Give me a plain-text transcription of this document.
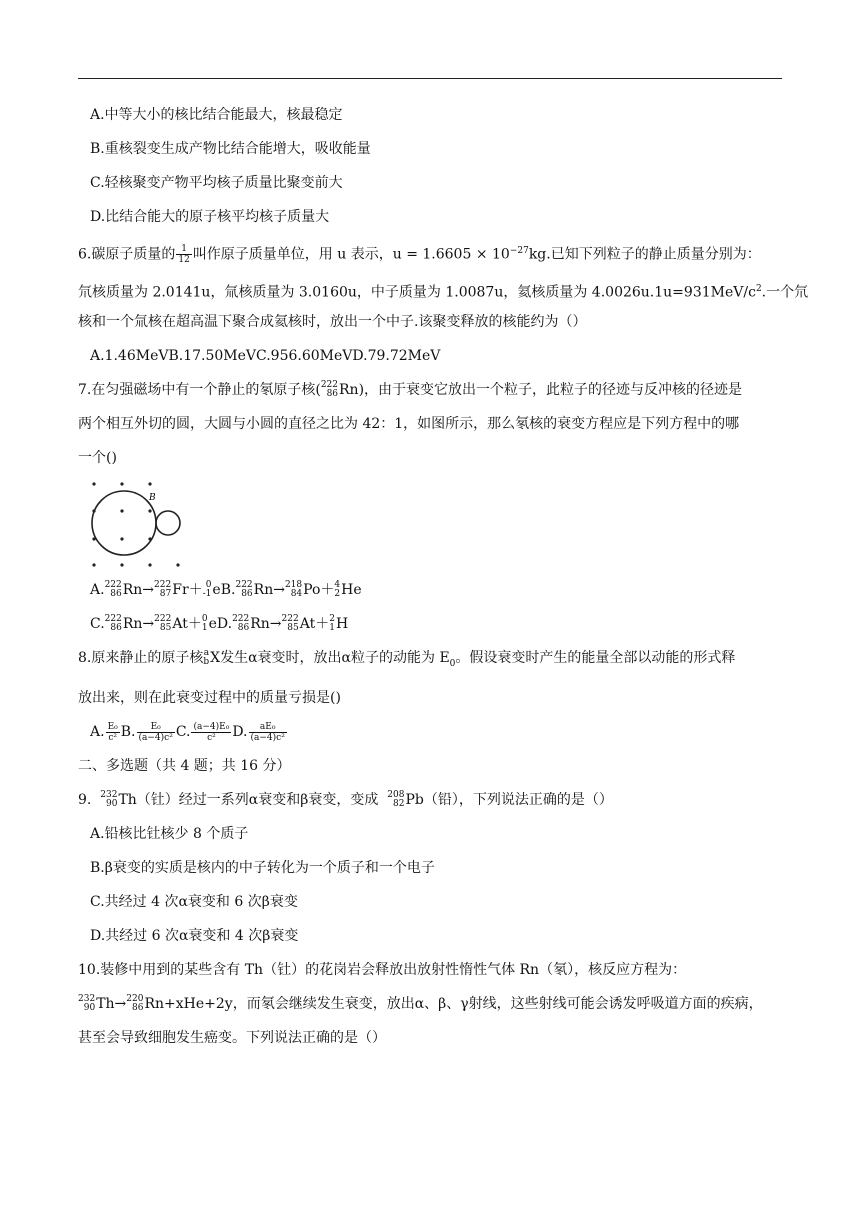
A.中等大小的核比结合能最大，核最稳定

B.重核裂变生成产物比结合能增大，吸收能量

C.轻核聚变产物平均核子质量比聚变前大

D.比结合能大的原子核平均核子质量大

6.碳原子质量的 $\frac{1}{12}$ 叫作原子质量单位，用 u 表示，$u = 1.6605 \times 10^{-27}kg$.已知下列粒子的静止质量分别为：

氘核质量为 2.0141u，氚核质量为 3.0160u，中子质量为 1.0087u，氦核质量为 $4.0026u.1u=931MeV/c^2$.一个氘

核和一个氚核在超高温下聚合成氦核时，放出一个中子.该聚变释放的核能约为（）

A.1.46MeVB.17.50MeVC.956.60MeVD.79.72MeV

7.在匀强磁场中有一个静止的氡原子核( 222
86 Rn)，由于衰变它放出一个粒子，此粒子的径迹与反冲核的径迹是

两个相互外切的圆，大圆与小圆的直径之比为 42：1，如图所示，那么氡核的衰变方程应是下列方程中的哪

一个()

B

A. 222
86 Rn→ 222
87 Fr＋ 0
-1 eB. 222
86 Rn→ 218
84 Po＋ 4
2 He

C. 222
86 Rn→ 222
85 At＋ 0
1 eD. 222
86 Rn→ 222
85 At＋ 2
1 H

8.原来静止的原子核 a
b X发生α衰变时，放出α粒子的动能为 $E_0$。假设衰变时产生的能量全部以动能的形式释

放出来，则在此衰变过程中的质量亏损是()

A. $\frac{\text{E₀}}{\text{c²}} B$. $\frac{\text{E₀}}{\text{(a−4)c²}} C$. $\frac{\text{(a−4)E₀}}{\text{c²}} D$. $\frac{\text{aE₀}}{\text{(a−4)c²}}$

二、多选题（共 4 题；共 16 分）

9. 232
90 Th（钍）经过一系列α衰变和β衰变，变成 208
82 Pb（铅），下列说法正确的是（）

A.铅核比钍核少 8 个质子

B.β衰变的实质是核内的中子转化为一个质子和一个电子

C.共经过 4 次α衰变和 6 次β衰变

D.共经过 6 次α衰变和 4 次β衰变

10.装修中用到的某些含有 Th（钍）的花岗岩会释放出放射性惰性气体 Rn（氡），核反应方程为：

232
90 Th→ 220
86 Rn+xHe+2y，而氡会继续发生衰变，放出α、β、γ射线，这些射线可能会诱发呼吸道方面的疾病，

甚至会导致细胞发生癌变。下列说法正确的是（）
